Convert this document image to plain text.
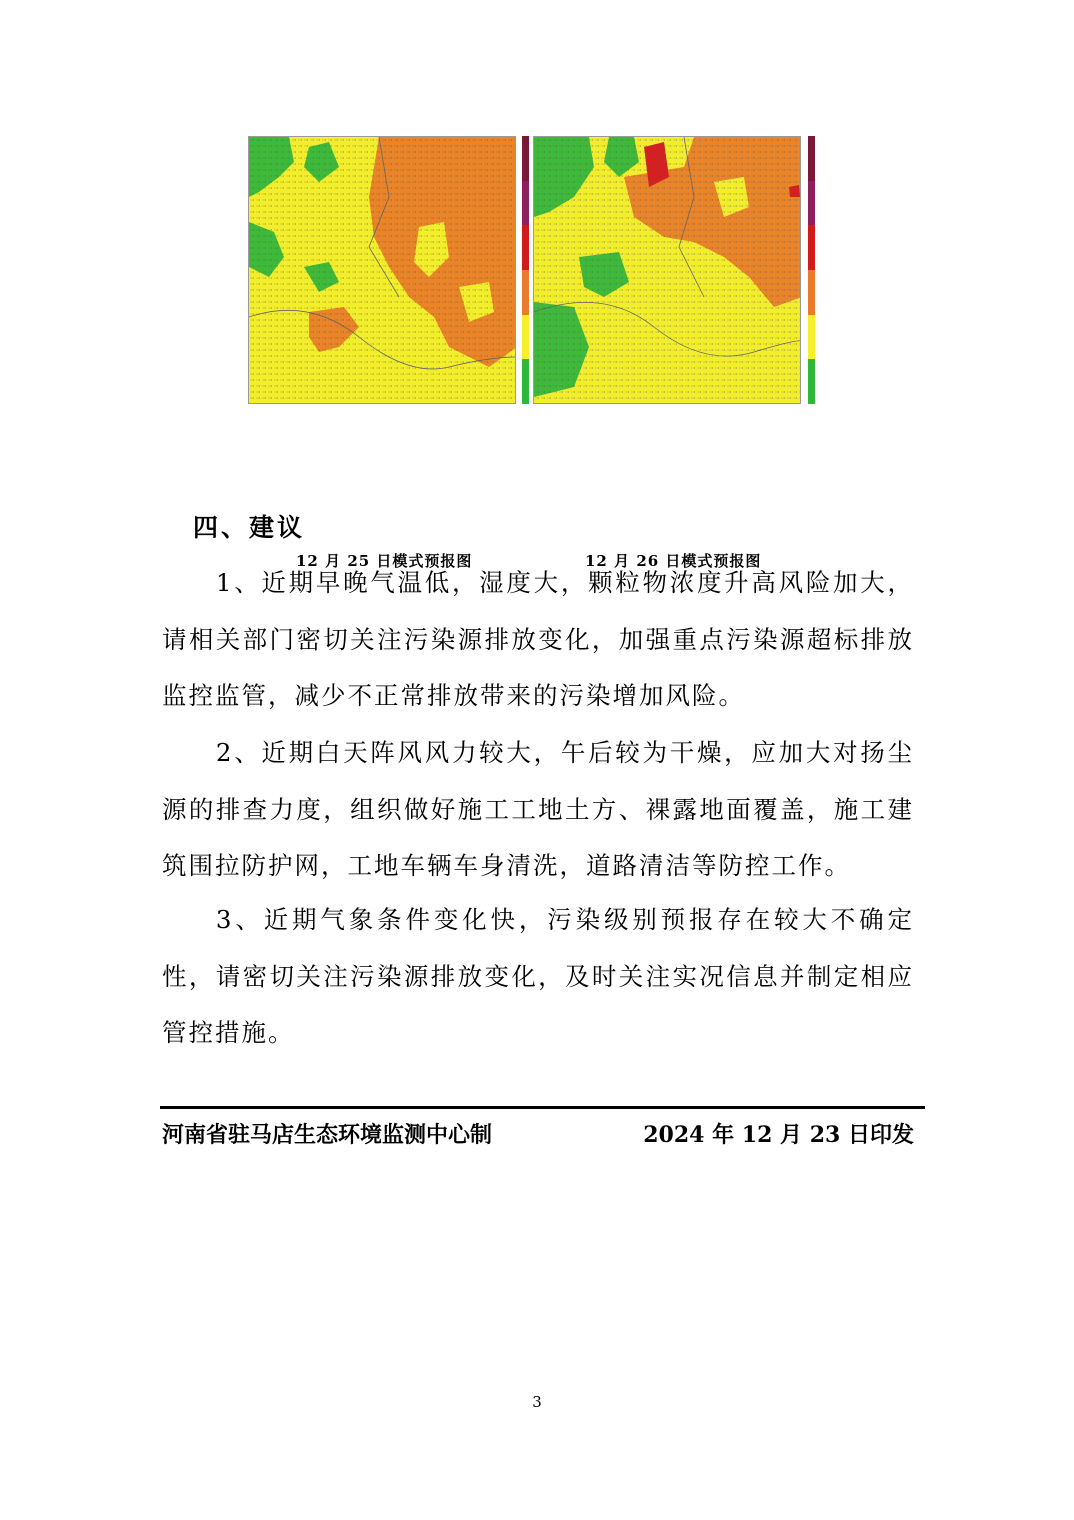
12 月 25 日模式预报图	12 月 26 日模式预报图
四、建议

1、近期早晚气温低，湿度大，颗粒物浓度升高风险加大，请相关部门密切关注污染源排放变化，加强重点污染源超标排放监控监管，减少不正常排放带来的污染增加风险。

2、近期白天阵风风力较大，午后较为干燥，应加大对扬尘源的排查力度，组织做好施工工地土方、裸露地面覆盖，施工建筑围拉防护网，工地车辆车身清洗，道路清洁等防控工作。

3、近期气象条件变化快，污染级别预报存在较大不确定性，请密切关注污染源排放变化，及时关注实况信息并制定相应管控措施。

河南省驻马店生态环境监测中心制	2024 年 12 月 23 日印发
3
